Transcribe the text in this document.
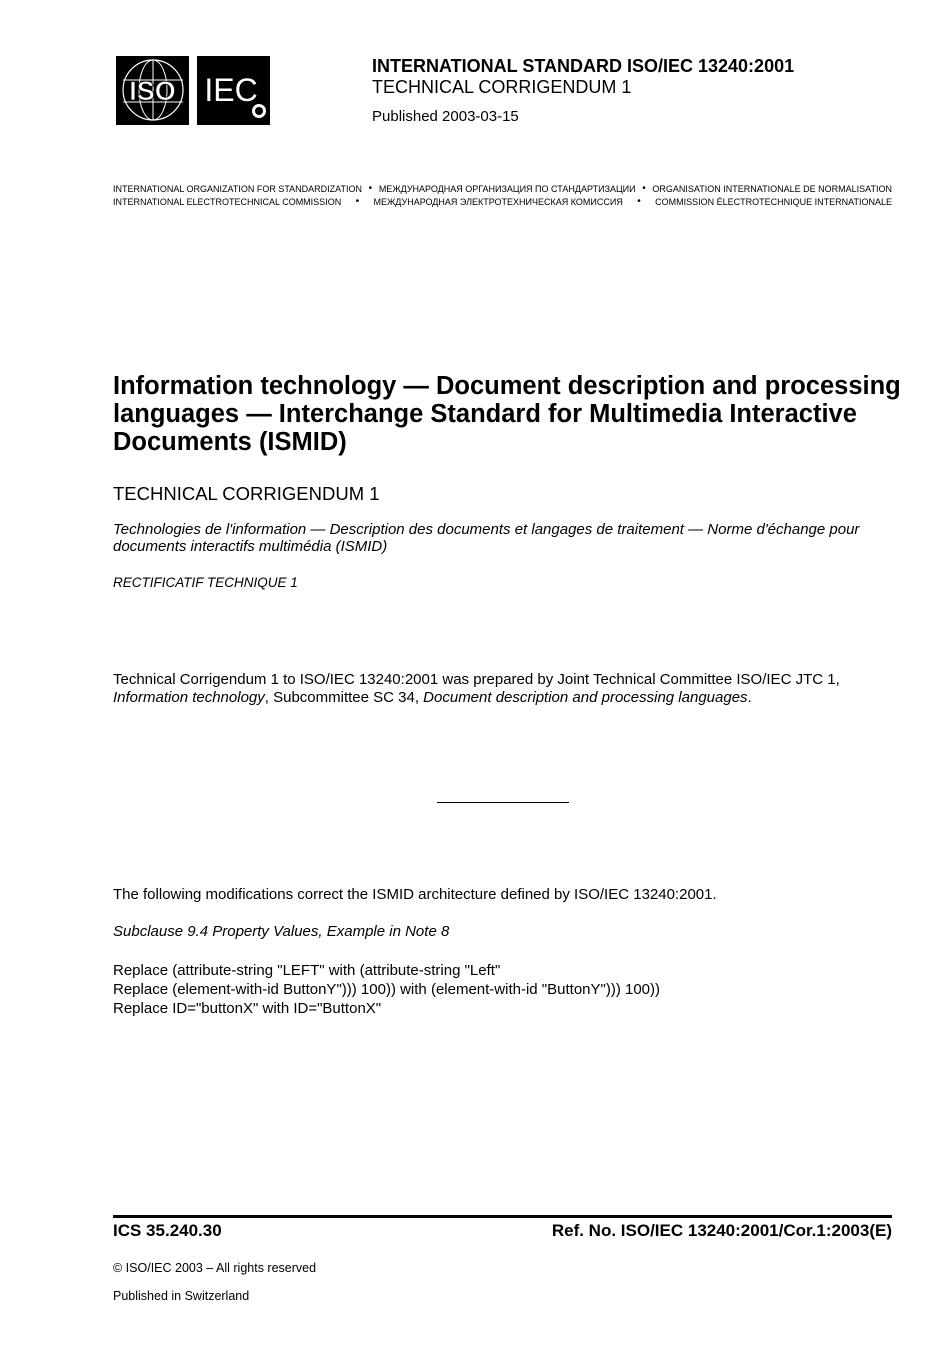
ISO IEC
INTERNATIONAL STANDARD ISO/IEC 13240:2001
TECHNICAL CORRIGENDUM 1
Published 2003-03-15
INTERNATIONAL ORGANIZATION FOR STANDARDIZATION • МЕЖДУНАРОДНАЯ ОРГАНИЗАЦИЯ ПО СТАНДАРТИЗАЦИИ • ORGANISATION INTERNATIONALE DE NORMALISATION
INTERNATIONAL ELECTROTECHNICAL COMMISSION • МЕЖДУНАРОДНАЯ ЭЛЕКТРОТЕХНИЧЕСКАЯ КОМИССИЯ • COMMISSION ÉLECTROTECHNIQUE INTERNATIONALE
Information technology — Document description and processing languages — Interchange Standard for Multimedia Interactive Documents (ISMID)
TECHNICAL CORRIGENDUM 1
Technologies de l'information — Description des documents et langages de traitement — Norme d'échange pour documents interactifs multimédia (ISMID)
RECTIFICATIF TECHNIQUE 1
Technical Corrigendum 1 to ISO/IEC 13240:2001 was prepared by Joint Technical Committee ISO/IEC JTC 1, Information technology, Subcommittee SC 34, Document description and processing languages.
The following modifications correct the ISMID architecture defined by ISO/IEC 13240:2001.
Subclause 9.4 Property Values, Example in Note 8
Replace (attribute-string "LEFT" with (attribute-string "Left"
Replace (element-with-id ButtonY"))) 100)) with (element-with-id "ButtonY"))) 100))
Replace ID="buttonX" with ID="ButtonX"
ICS 35.240.30	Ref. No. ISO/IEC 13240:2001/Cor.1:2003(E)
© ISO/IEC 2003 – All rights reserved
Published in Switzerland
